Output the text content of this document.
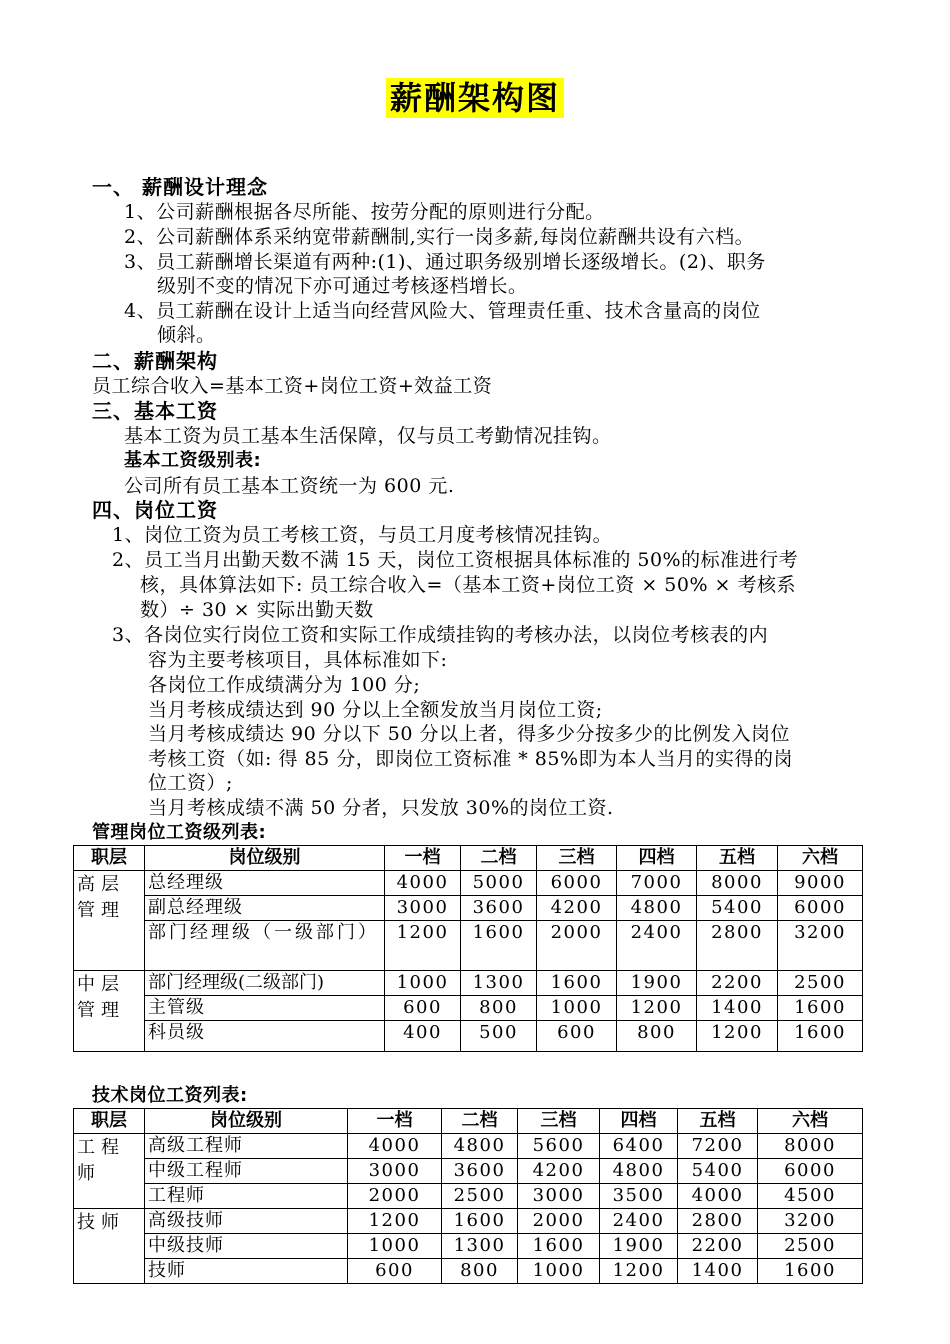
薪酬架构图
一、 薪酬设计理念
1、公司薪酬根据各尽所能、按劳分配的原则进行分配。
2、公司薪酬体系采纳宽带薪酬制,实行一岗多薪,每岗位薪酬共设有六档。
3、员工薪酬增长渠道有两种:(1)、通过职务级别增长逐级增长。(2)、职务
级别不变的情况下亦可通过考核逐档增长。
4、员工薪酬在设计上适当向经营风险大、管理责任重、技术含量高的岗位
倾斜。
二、薪酬架构
员工综合收入=基本工资+岗位工资+效益工资
三、基本工资
基本工资为员工基本生活保障，仅与员工考勤情况挂钩。
基本工资级别表:
公司所有员工基本工资统一为 600 元.
四、岗位工资
1、岗位工资为员工考核工资，与员工月度考核情况挂钩。
2、员工当月出勤天数不满 15 天，岗位工资根据具体标准的 50%的标准进行考
核，具体算法如下: 员工综合收入=（基本工资+岗位工资 × 50% × 考核系
数）÷ 30 × 实际出勤天数
3、各岗位实行岗位工资和实际工作成绩挂钩的考核办法，以岗位考核表的内
容为主要考核项目，具体标准如下:
各岗位工作成绩满分为 100 分;
当月考核成绩达到 90 分以上全额发放当月岗位工资;
当月考核成绩达 90 分以下 50 分以上者，得多少分按多少的比例发入岗位
考核工资（如: 得 85 分，即岗位工资标准 * 85%即为本人当月的实得的岗
位工资）;
当月考核成绩不满 50 分者，只发放 30%的岗位工资.
管理岗位工资级列表:
职层	岗位级别	一档	二档	三档	四档	五档	六档
高层管理	总经理级	4000	5000	6000	7000	8000	9000
	副总经理级	3000	3600	4200	4800	5400	6000
	部门经理级（一级部门）	1200	1600	2000	2400	2800	3200
中层管理	部门经理级(二级部门)	1000	1300	1600	1900	2200	2500
	主管级	600	800	1000	1200	1400	1600
	科员级	400	500	600	800	1200	1600
技术岗位工资列表:
职层	岗位级别	一档	二档	三档	四档	五档	六档
工程师	高级工程师	4000	4800	5600	6400	7200	8000
	中级工程师	3000	3600	4200	4800	5400	6000
	工程师	2000	2500	3000	3500	4000	4500
技师	高级技师	1200	1600	2000	2400	2800	3200
	中级技师	1000	1300	1600	1900	2200	2500
	技师	600	800	1000	1200	1400	1600
